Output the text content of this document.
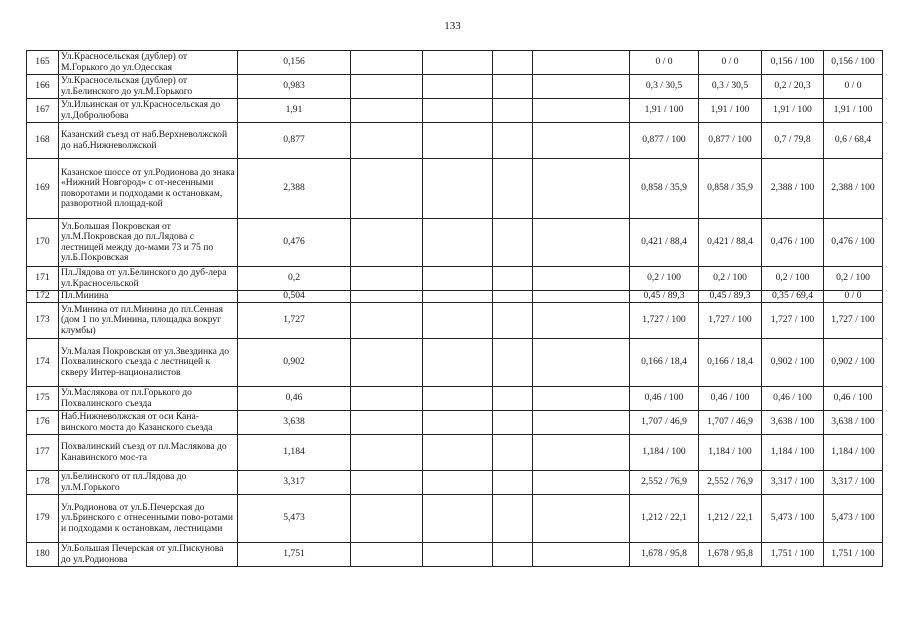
133
165	Ул.Красносельская (дублер) от М.Горького до ул.Одесская	0,156					0 / 0	0 / 0	0,156 / 100	0,156 / 100
166	Ул.Красносельская (дублер) от ул.Белинского до ул.М.Горького	0,983					0,3 / 30,5	0,3 / 30,5	0,2 / 20,3	0 / 0
167	Ул.Ильинская от ул.Красносельская до ул.Добролюбова	1,91					1,91 / 100	1,91 / 100	1,91 / 100	1,91 / 100
168	Казанский съезд от наб.Верхневолжской до наб.Нижневолжской	0,877					0,877 / 100	0,877 / 100	0,7 / 79,8	0,6 / 68,4
169	Казанское шоссе от ул.Родионова до знака «Нижний Новгород» с от-несенными поворотами и подходами к остановкам, разворотной площад-кой	2,388					0,858 / 35,9	0,858 / 35,9	2,388 / 100	2,388 / 100
170	Ул.Большая Покровская от ул.М.Покровская до пл.Лядова с лестницей между до-мами 73 и 75 по ул.Б.Покровская	0,476					0,421 / 88,4	0,421 / 88,4	0,476 / 100	0,476 / 100
171	Пл.Лядова от ул.Белинского до дуб-лера ул.Красносельской	0,2					0,2 / 100	0,2 / 100	0,2 / 100	0,2 / 100
172	Пл.Минина	0,504					0,45 / 89,3	0,45 / 89,3	0,35 / 69,4	0 / 0
173	Ул.Минина от пл.Минина до пл.Сенная (дом 1 по ул.Минина, площадка вокруг клумбы)	1,727					1,727 / 100	1,727 / 100	1,727 / 100	1,727 / 100
174	Ул.Малая Покровская от ул.Звездинка до Похвалинского съезда с лестницей к скверу Интер-националистов	0,902					0,166 / 18,4	0,166 / 18,4	0,902 / 100	0,902 / 100
175	Ул.Маслякова от пл.Горького до Похвалинского съезда	0,46					0,46 / 100	0,46 / 100	0,46 / 100	0,46 / 100
176	Наб.Нижневолжская от оси Кана-винского моста до Казанского съезда	3,638					1,707 / 46,9	1,707 / 46,9	3,638 / 100	3,638 / 100
177	Похвалинский съезд от пл.Маслякова до Канавинского мос-та	1,184					1,184 / 100	1,184 / 100	1,184 / 100	1,184 / 100
178	ул.Белинского от пл.Лядова до ул.М.Горького	3,317					2,552 / 76,9	2,552 / 76,9	3,317 / 100	3,317 / 100
179	Ул.Родионова от ул.Б.Печерская до ул.Бринского с отнесенными пово-ротами и подходами к остановкам, лестницами	5,473					1,212 / 22,1	1,212 / 22,1	5,473 / 100	5,473 / 100
180	Ул.Большая Печерская от ул.Пискунова до ул.Родионова	1,751					1,678 / 95,8	1,678 / 95,8	1,751 / 100	1,751 / 100
